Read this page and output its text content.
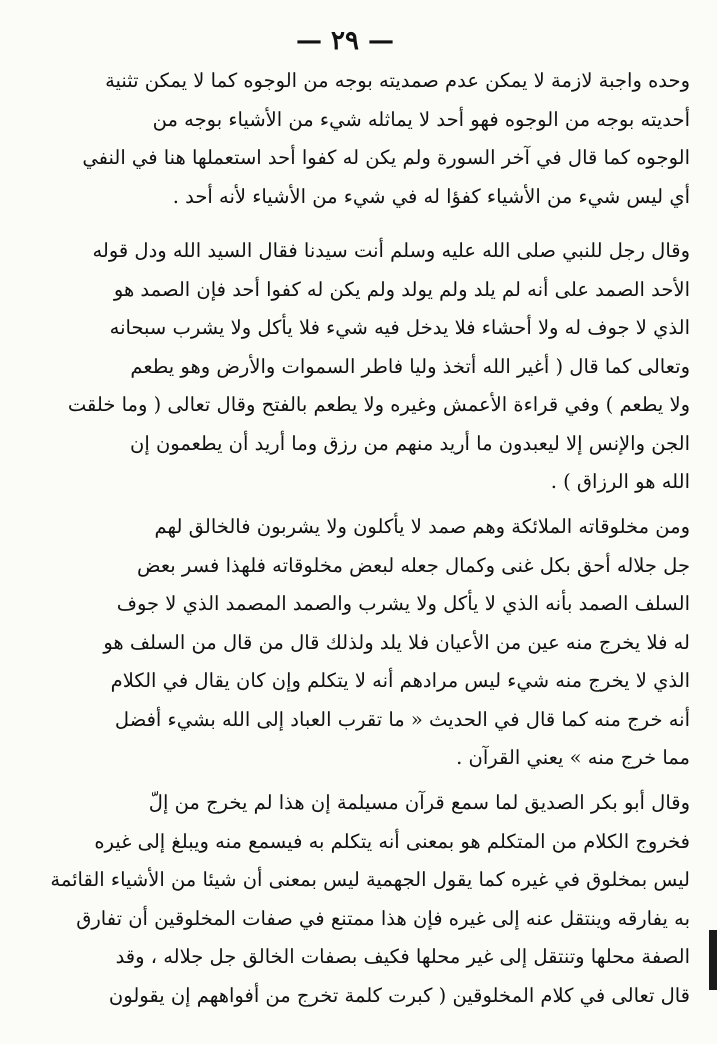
— ٢٩ —
وحده واجبة لازمة لا يمكن عدم صمديته بوجه من الوجوه كما لا يمكن تثنية
أحديته بوجه من الوجوه فهو أحد لا يماثله شيء من الأشياء بوجه من
الوجوه كما قال في آخر السورة ولم يكن له كفوا أحد استعملها هنا في النفي
أي ليس شيء من الأشياء كفؤا له في شيء من الأشياء لأنه أحد .
وقال رجل للنبي صلى الله عليه وسلم أنت سيدنا فقال السيد الله ودل قوله
الأحد الصمد على أنه لم يلد ولم يولد ولم يكن له كفوا أحد فإن الصمد هو
الذي لا جوف له ولا أحشاء فلا يدخل فيه شيء فلا يأكل ولا يشرب سبحانه
وتعالى كما قال ( أغير الله أتخذ وليا فاطر السموات والأرض وهو يطعم
ولا يطعم ) وفي قراءة الأعمش وغيره ولا يطعم بالفتح وقال تعالى ( وما خلقت
الجن والإنس إلا ليعبدون ما أريد منهم من رزق وما أريد أن يطعمون إن
الله هو الرزاق ) .
ومن مخلوقاته الملائكة وهم صمد لا يأكلون ولا يشربون فالخالق لهم
جل جلاله أحق بكل غنى وكمال جعله لبعض مخلوقاته فلهذا فسر بعض
السلف الصمد بأنه الذي لا يأكل ولا يشرب والصمد المصمد الذي لا جوف
له فلا يخرج منه عين من الأعيان فلا يلد ولذلك قال من قال من السلف هو
الذي لا يخرج منه شيء ليس مرادهم أنه لا يتكلم وإن كان يقال في الكلام
أنه خرج منه كما قال في الحديث « ما تقرب العباد إلى الله بشيء أفضل
مما خرج منه » يعني القرآن .
وقال أبو بكر الصديق لما سمع قرآن مسيلمة إن هذا لم يخرج من إلّ
فخروج الكلام من المتكلم هو بمعنى أنه يتكلم به فيسمع منه ويبلغ إلى غيره
ليس بمخلوق في غيره كما يقول الجهمية ليس بمعنى أن شيئا من الأشياء القائمة
به يفارقه وينتقل عنه إلى غيره فإن هذا ممتنع في صفات المخلوقين أن تفارق
الصفة محلها وتنتقل إلى غير محلها فكيف بصفات الخالق جل جلاله ، وقد
قال تعالى في كلام المخلوقين ( كبرت كلمة تخرج من أفواههم إن يقولون
